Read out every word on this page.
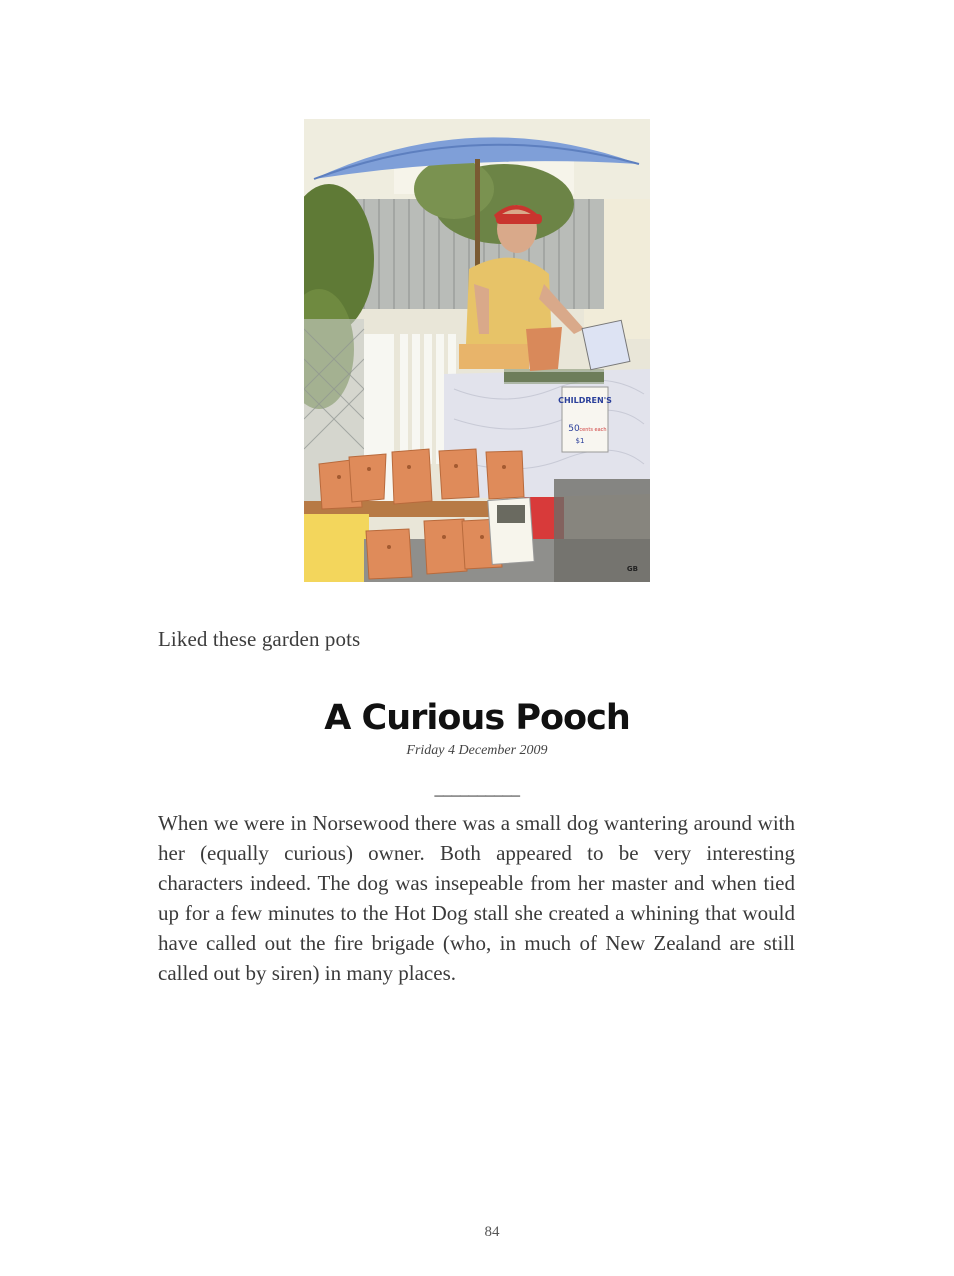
CHILDREN'S
50 cents each
$1
GB
Liked these garden pots
A Curious Pooch
Friday 4 December 2009
__________
When we were in Norsewood there was a small dog wantering around with her (equally curious) owner. Both appeared to be very interesting characters indeed. The dog was insepeable from her master and when tied up for a few minutes to the Hot Dog stall she created a whining that would have called out the fire brigade (who, in much of New Zealand are still called out by siren) in many places.
84
